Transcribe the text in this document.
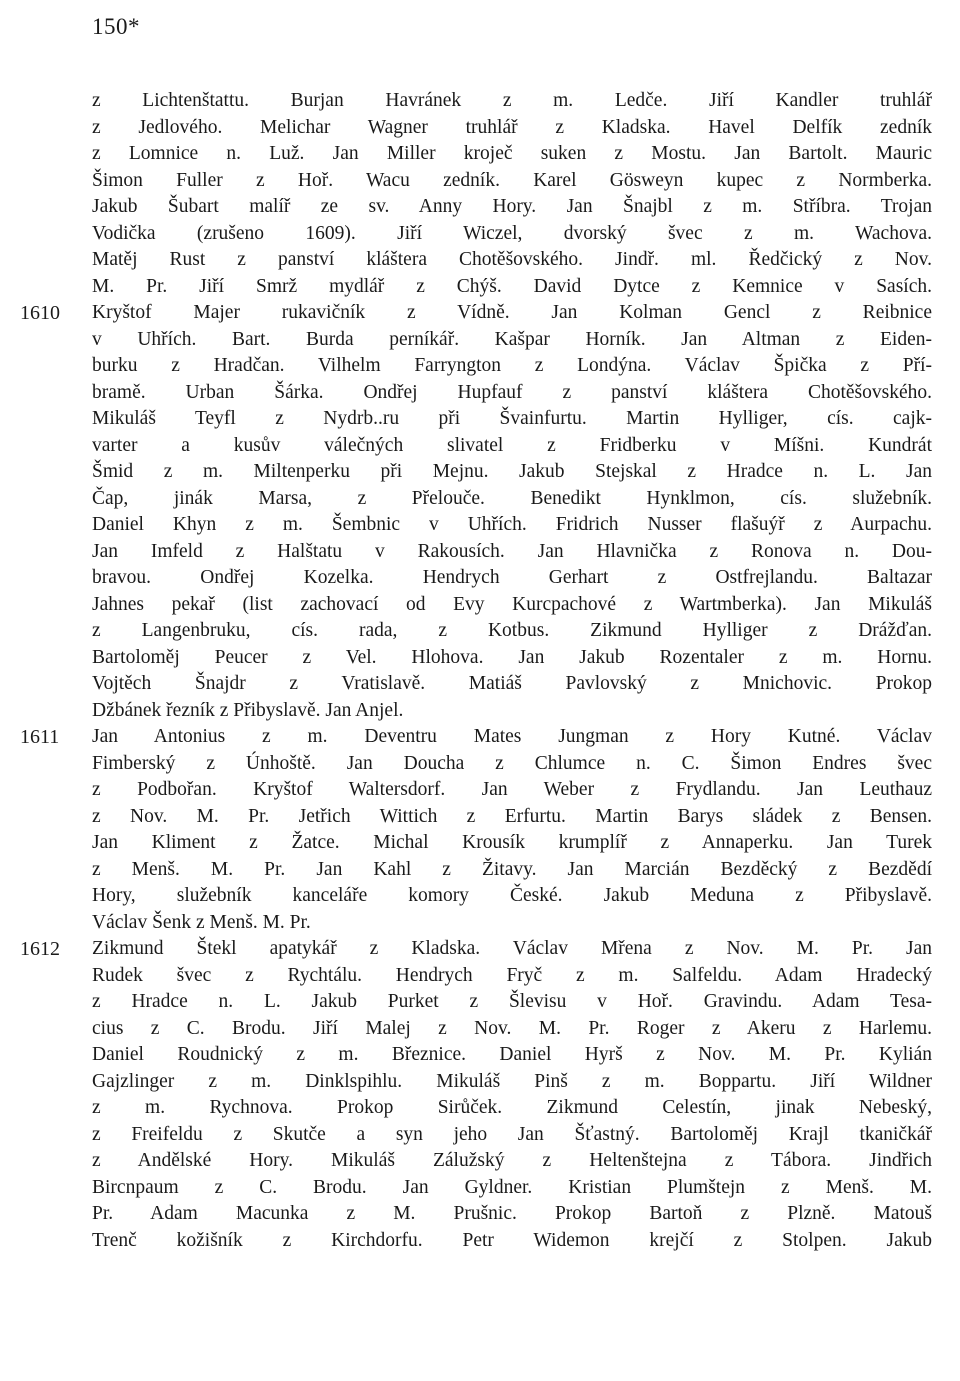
150*
z Lichtenštattu. Burjan Havránek z m. Ledče. Jiří Kandler truhlář
z Jedlového. Melichar Wagner truhlář z Kladska. Havel Delfík zedník
z Lomnice n. Luž. Jan Miller kroječ suken z Mostu. Jan Bartolt. Mauric
Šimon Fuller z Hoř. Wacu zedník. Karel Gösweyn kupec z Normberka.
Jakub Šubart malíř ze sv. Anny Hory. Jan Šnajbl z m. Stříbra. Trojan
Vodička (zrušeno 1609). Jiří Wiczel, dvorský švec z m. Wachova.
Matěj Rust z panství kláštera Chotěšovského. Jindř. ml. Ředčický z Nov.
M. Pr. Jiří Smrž mydlář z Chýš. David Dytce z Kemnice v Sasích.
1610 Kryštof Majer rukavičník z Vídně. Jan Kolman Gencl z Reibnice
v Uhřích. Bart. Burda perníkář. Kašpar Horník. Jan Altman z Eiden-
burku z Hradčan. Vilhelm Farryngton z Londýna. Václav Špička z Pří-
bramě. Urban Šárka. Ondřej Hupfauf z panství kláštera Chotěšovského.
Mikuláš Teyfl z Nydrb..ru při Švainfurtu. Martin Hylliger, cís. cajk-
varter a kusův válečných slivatel z Fridberku v Míšni. Kundrát
Šmid z m. Miltenperku při Mejnu. Jakub Stejskal z Hradce n. L. Jan
Čap, jinák Marsa, z Přelouče. Benedikt Hynklmon, cís. služebník.
Daniel Khyn z m. Šembnic v Uhřích. Fridrich Nusser flašuýř z Aurpachu.
Jan Imfeld z Halštatu v Rakousích. Jan Hlavnička z Ronova n. Dou-
bravou. Ondřej Kozelka. Hendrych Gerhart z Ostfrejlandu. Baltazar
Jahnes pekař (list zachovací od Evy Kurcpachové z Wartmberka). Jan Mikuláš
z Langenbruku, cís. rada, z Kotbus. Zikmund Hylliger z Drážďan.
Bartoloměj Peucer z Vel. Hlohova. Jan Jakub Rozentaler z m. Hornu.
Vojtěch Šnajdr z Vratislavě. Matiáš Pavlovský z Mnichovic. Prokop
Džbánek řezník z Přibyslavě. Jan Anjel.
1611 Jan Antonius z m. Deventru Mates Jungman z Hory Kutné. Václav
Fimberský z Únhoště. Jan Doucha z Chlumce n. C. Šimon Endres švec
z Podbořan. Kryštof Waltersdorf. Jan Weber z Frydlandu. Jan Leuthauz
z Nov. M. Pr. Jetřich Wittich z Erfurtu. Martin Barys sládek z Bensen.
Jan Kliment z Žatce. Michal Krousík krumplíř z Annaperku. Jan Turek
z Menš. M. Pr. Jan Kahl z Žitavy. Jan Marcián Bezděcký z Bezdědí
Hory, služebník kanceláře komory České. Jakub Meduna z Přibyslavě.
Václav Šenk z Menš. M. Pr.
1612 Zikmund Štekl apatykář z Kladska. Václav Mřena z Nov. M. Pr. Jan
Rudek švec z Rychtálu. Hendrych Fryč z m. Salfeldu. Adam Hradecký
z Hradce n. L. Jakub Purket z Šlevisu v Hoř. Gravindu. Adam Tesa-
cius z C. Brodu. Jiří Malej z Nov. M. Pr. Roger z Akeru z Harlemu.
Daniel Roudnický z m. Březnice. Daniel Hyrš z Nov. M. Pr. Kylián
Gajzlinger z m. Dinklspihlu. Mikuláš Pinš z m. Boppartu. Jiří Wildner
z m. Rychnova. Prokop Sirůček. Zikmund Celestín, jinak Nebeský,
z Freifeldu z Skutče a syn jeho Jan Šťastný. Bartoloměj Krajl tkaničkář
z Andělské Hory. Mikuláš Zálužský z Heltenštejna z Tábora. Jindřich
Bircnpaum z C. Brodu. Jan Gyldner. Kristian Plumštejn z Menš. M.
Pr. Adam Macunka z M. Prušnic. Prokop Bartoň z Plzně. Matouš
Trenč kožišník z Kirchdorfu. Petr Widemon krejčí z Stolpen. Jakub
